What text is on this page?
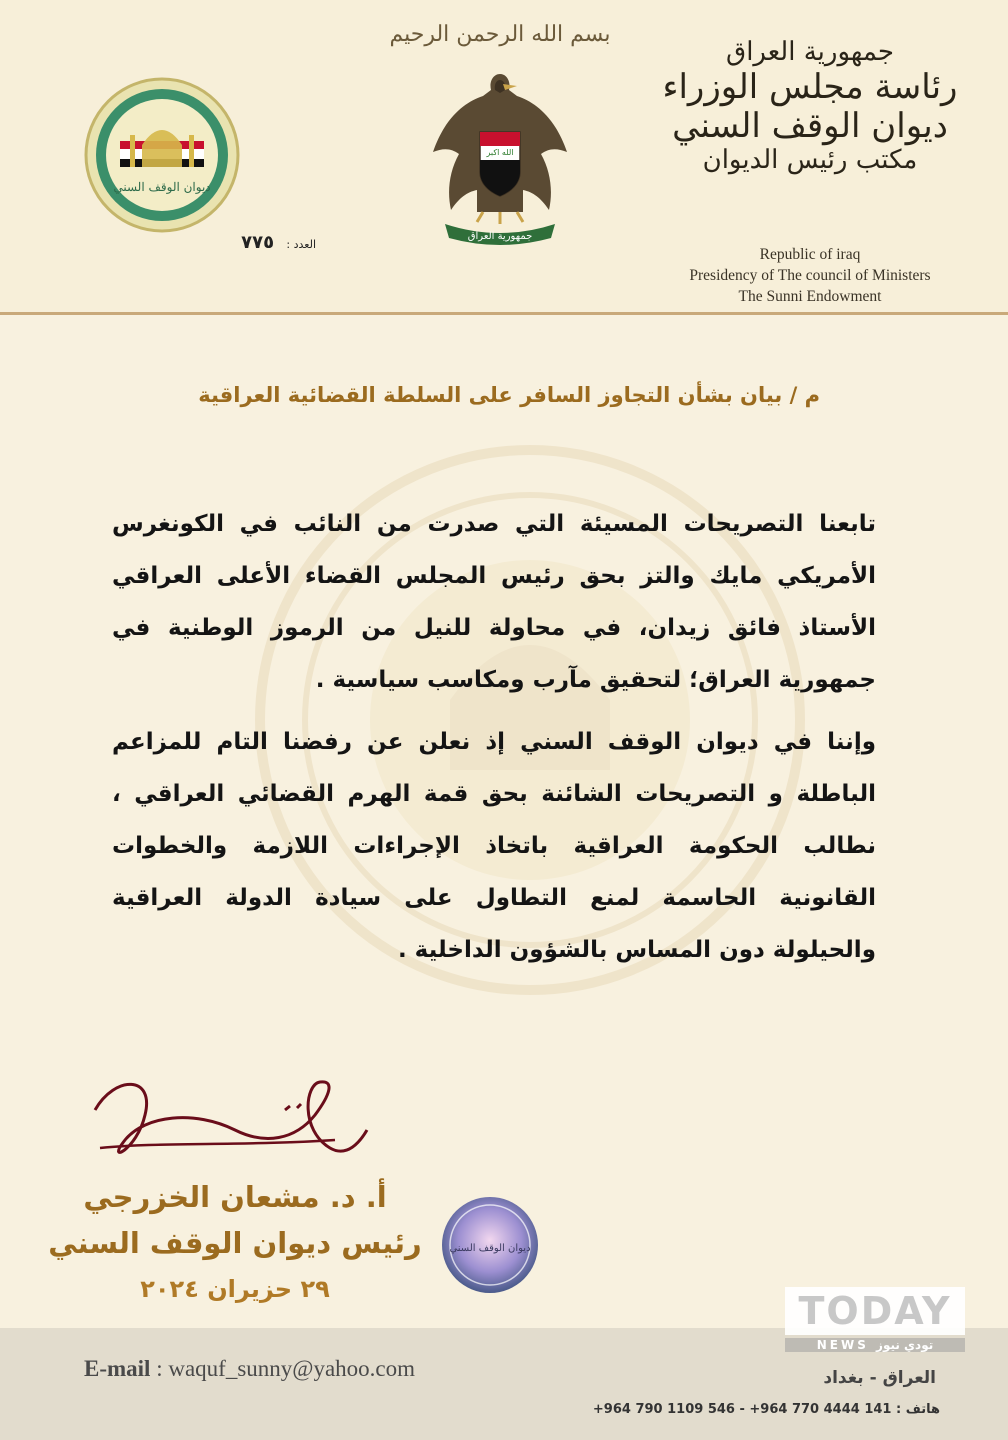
بسم الله الرحمن الرحيم
الله اكبر
جمهورية العراق
ديوان الوقف السني
العدد : ٧٧٥
جمهورية العراق
رئاسة مجلس الوزراء
ديوان الوقف السني
مكتب رئيس الديوان
Republic of iraq
Presidency of The council of Ministers
The Sunni Endowment
م / بيان بشأن التجاوز السافر على السلطة القضائية العراقية
تابعنا التصريحات المسيئة التي صدرت من النائب في الكونغرس الأمريكي مايك والتز بحق رئيس المجلس القضاء الأعلى العراقي الأستاذ فائق زيدان، في محاولة للنيل من الرموز الوطنية في جمهورية العراق؛ لتحقيق مآرب ومكاسب سياسية .
وإننا في ديوان الوقف السني إذ نعلن عن رفضنا التام للمزاعم الباطلة و التصريحات الشائنة بحق قمة الهرم القضائي العراقي ، نطالب الحكومة العراقية باتخاذ الإجراءات اللازمة والخطوات القانونية الحاسمة لمنع التطاول على سيادة الدولة العراقية والحيلولة دون المساس بالشؤون الداخلية .
أ. د. مشعان الخزرجي
رئيس ديوان الوقف السني
٢٩ حزيران ٢٠٢٤
ديوان الوقف السني
E-mail : waquf_sunny@yahoo.com	العراق - بغداد
هاتف : +964 790 1109 546 - +964 770 4444 141
TODAY
NEWS تودي نيوز
